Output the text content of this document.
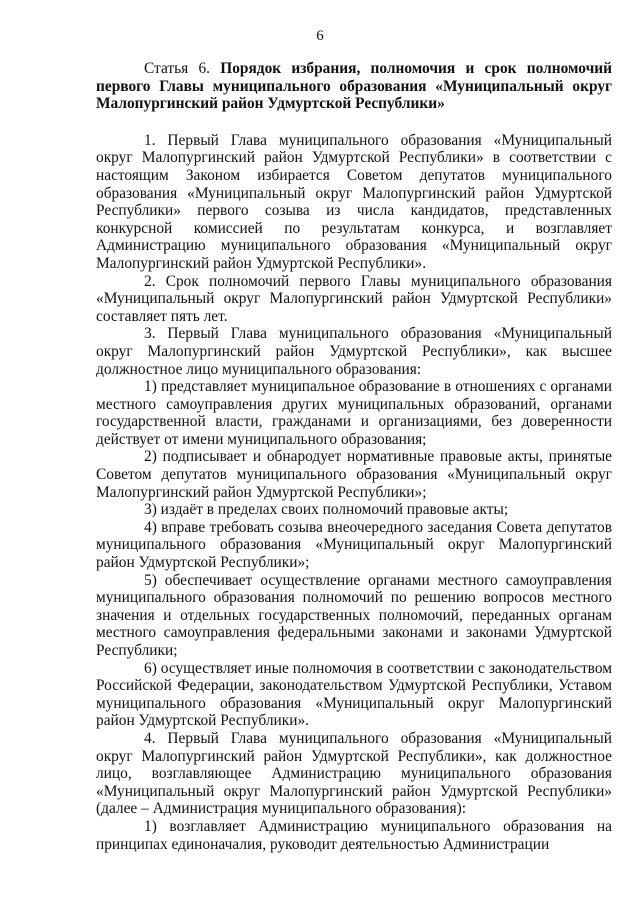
6

Статья 6. Порядок избрания, полномочия и срок полномочий первого Главы муниципального образования «Муниципальный округ Малопургинский район Удмуртской Республики»

1. Первый Глава муниципального образования «Муниципальный округ Малопургинский район Удмуртской Республики» в соответствии с настоящим Законом избирается Советом депутатов муниципального образования «Муниципальный округ Малопургинский район Удмуртской Республики» первого созыва из числа кандидатов, представленных конкурсной комиссией по результатам конкурса, и возглавляет Администрацию муниципального образования «Муниципальный округ Малопургинский район Удмуртской Республики».

2. Срок полномочий первого Главы муниципального образования «Муниципальный округ Малопургинский район Удмуртской Республики» составляет пять лет.

3. Первый Глава муниципального образования «Муниципальный округ Малопургинский район Удмуртской Республики», как высшее должностное лицо муниципального образования:

1) представляет муниципальное образование в отношениях с органами местного самоуправления других муниципальных образований, органами государственной власти, гражданами и организациями, без доверенности действует от имени муниципального образования;

2) подписывает и обнародует нормативные правовые акты, принятые Советом депутатов муниципального образования «Муниципальный округ Малопургинский район Удмуртской Республики»;

3) издаёт в пределах своих полномочий правовые акты;

4) вправе требовать созыва внеочередного заседания Совета депутатов муниципального образования «Муниципальный округ Малопургинский район Удмуртской Республики»;

5) обеспечивает осуществление органами местного самоуправления муниципального образования полномочий по решению вопросов местного значения и отдельных государственных полномочий, переданных органам местного самоуправления федеральными законами и законами Удмуртской Республики;

6) осуществляет иные полномочия в соответствии с законодательством Российской Федерации, законодательством Удмуртской Республики, Уставом муниципального образования «Муниципальный округ Малопургинский район Удмуртской Республики».

4. Первый Глава муниципального образования «Муниципальный округ Малопургинский район Удмуртской Республики», как должностное лицо, возглавляющее Администрацию муниципального образования «Муниципальный округ Малопургинский район Удмуртской Республики» (далее – Администрация муниципального образования):

1) возглавляет Администрацию муниципального образования на принципах единоначалия, руководит деятельностью Администрации
